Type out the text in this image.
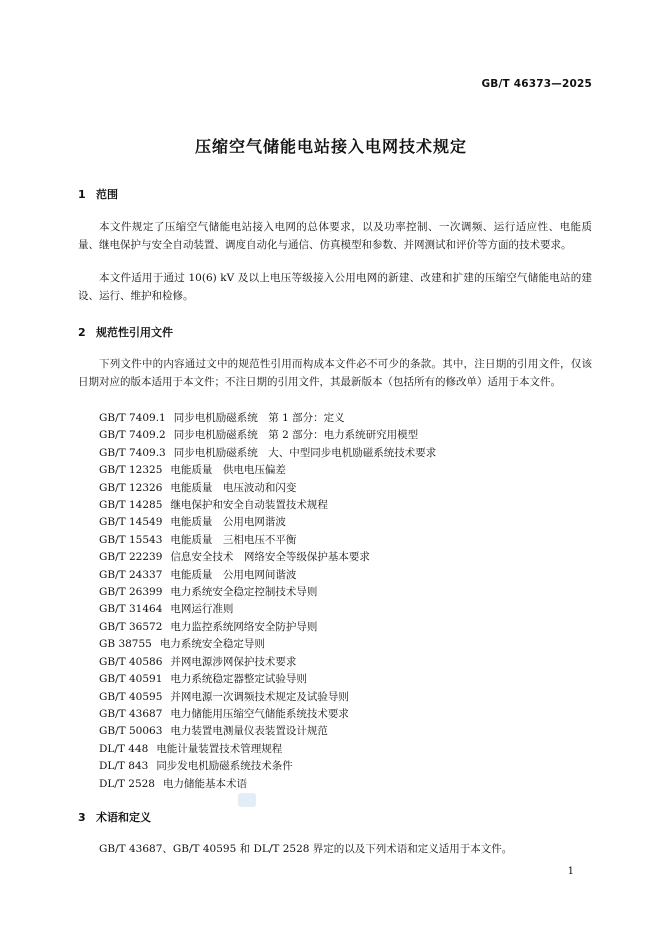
GB/T 46373—2025
压缩空气储能电站接入电网技术规定
1 范围

本文件规定了压缩空气储能电站接入电网的总体要求，以及功率控制、一次调频、运行适应性、电能质量、继电保护与安全自动装置、调度自动化与通信、仿真模型和参数、并网测试和评价等方面的技术要求。

本文件适用于通过 10(6) kV 及以上电压等级接入公用电网的新建、改建和扩建的压缩空气储能电站的建设、运行、维护和检修。

2 规范性引用文件

下列文件中的内容通过文中的规范性引用而构成本文件必不可少的条款。其中，注日期的引用文件，仅该日期对应的版本适用于本文件；不注日期的引用文件，其最新版本（包括所有的修改单）适用于本文件。

GB/T 7409.1 同步电机励磁系统　第 1 部分：定义
GB/T 7409.2 同步电机励磁系统　第 2 部分：电力系统研究用模型
GB/T 7409.3 同步电机励磁系统　大、中型同步电机励磁系统技术要求
GB/T 12325 电能质量　供电电压偏差
GB/T 12326 电能质量　电压波动和闪变
GB/T 14285 继电保护和安全自动装置技术规程
GB/T 14549 电能质量　公用电网谐波
GB/T 15543 电能质量　三相电压不平衡
GB/T 22239 信息安全技术　网络安全等级保护基本要求
GB/T 24337 电能质量　公用电网间谐波
GB/T 26399 电力系统安全稳定控制技术导则
GB/T 31464 电网运行准则
GB/T 36572 电力监控系统网络安全防护导则
GB 38755 电力系统安全稳定导则
GB/T 40586 并网电源涉网保护技术要求
GB/T 40591 电力系统稳定器整定试验导则
GB/T 40595 并网电源一次调频技术规定及试验导则
GB/T 43687 电力储能用压缩空气储能系统技术要求
GB/T 50063 电力装置电测量仪表装置设计规范
DL/T 448 电能计量装置技术管理规程
DL/T 843 同步发电机励磁系统技术条件
DL/T 2528 电力储能基本术语
3 术语和定义

GB/T 43687、GB/T 40595 和 DL/T 2528 界定的以及下列术语和定义适用于本文件。

1
